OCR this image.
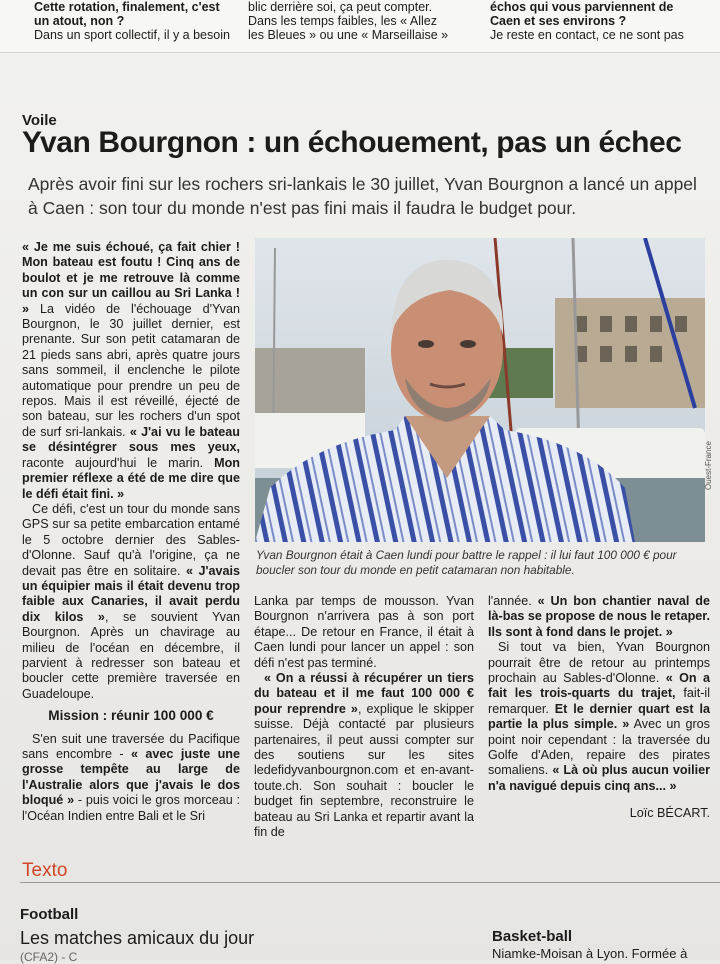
Cette rotation, finalement, c'est
un atout, non ?
Dans un sport collectif, il y a besoin
blic derrière soi, ça peut compter.
Dans les temps faibles, les « Allez
les Bleues » ou une « Marseillaise »
échos qui vous parviennent de
Caen et ses environs ?
Je reste en contact, ce ne sont pas
Voile
Yvan Bourgnon : un échouement, pas un échec
Après avoir fini sur les rochers sri-lankais le 30 juillet, Yvan Bourgnon a lancé un appel à Caen : son tour du monde n'est pas fini mais il faudra le budget pour.

« Je me suis échoué, ça fait chier ! Mon bateau est foutu ! Cinq ans de boulot et je me retrouve là comme un con sur un caillou au Sri Lanka ! » La vidéo de l'échouage d'Yvan Bourgnon, le 30 juillet dernier, est prenante. Sur son petit catamaran de 21 pieds sans abri, après quatre jours sans sommeil, il enclenche le pilote automatique pour prendre un peu de repos. Mais il est réveillé, éjecté de son bateau, sur les rochers d'un spot de surf sri-lankais. « J'ai vu le bateau se désintégrer sous mes yeux, raconte aujourd'hui le marin. Mon premier réflexe a été de me dire que le défi était fini. »

Ce défi, c'est un tour du monde sans GPS sur sa petite embarcation entamé le 5 octobre dernier des Sables-d'Olonne. Sauf qu'à l'origine, ça ne devait pas être en solitaire. « J'avais un équipier mais il était devenu trop faible aux Canaries, il avait perdu dix kilos », se souvient Yvan Bourgnon. Après un chavirage au milieu de l'océan en décembre, il parvient à redresser son bateau et boucler cette première traversée en Guadeloupe.

Mission : réunir 100 000 €

S'en suit une traversée du Pacifique sans encombre - « avec juste une grosse tempête au large de l'Australie alors que j'avais le dos bloqué » - puis voici le gros morceau : l'Océan Indien entre Bali et le Sri

Ouest-France
Yvan Bourgnon était à Caen lundi pour battre le rappel : il lui faut 100 000 € pour boucler son tour du monde en petit catamaran non habitable.

Lanka par temps de mousson. Yvan Bourgnon n'arrivera pas à son port étape... De retour en France, il était à Caen lundi pour lancer un appel : son défi n'est pas terminé.

« On a réussi à récupérer un tiers du bateau et il me faut 100 000 € pour reprendre », explique le skipper suisse. Déjà contacté par plusieurs partenaires, il peut aussi compter sur des soutiens sur les sites ledefidyvanbourgnon.com et en-avant-toute.ch. Son souhait : boucler le budget fin septembre, reconstruire le bateau au Sri Lanka et repartir avant la fin de

l'année. « Un bon chantier naval de là-bas se propose de nous le retaper. Ils sont à fond dans le projet. »

Si tout va bien, Yvan Bourgnon pourrait être de retour au printemps prochain au Sables-d'Olonne. « On a fait les trois-quarts du trajet, fait-il remarquer. Et le dernier quart est la partie la plus simple. » Avec un gros point noir cependant : la traversée du Golfe d'Aden, repaire des pirates somaliens. « Là où plus aucun voilier n'a navigué depuis cinq ans... »

Loïc BÉCART.

Texto
Football
Les matches amicaux du jour
(CFA2) - C
Basket-ball
Niamke-Moisan à Lyon. Formée à
